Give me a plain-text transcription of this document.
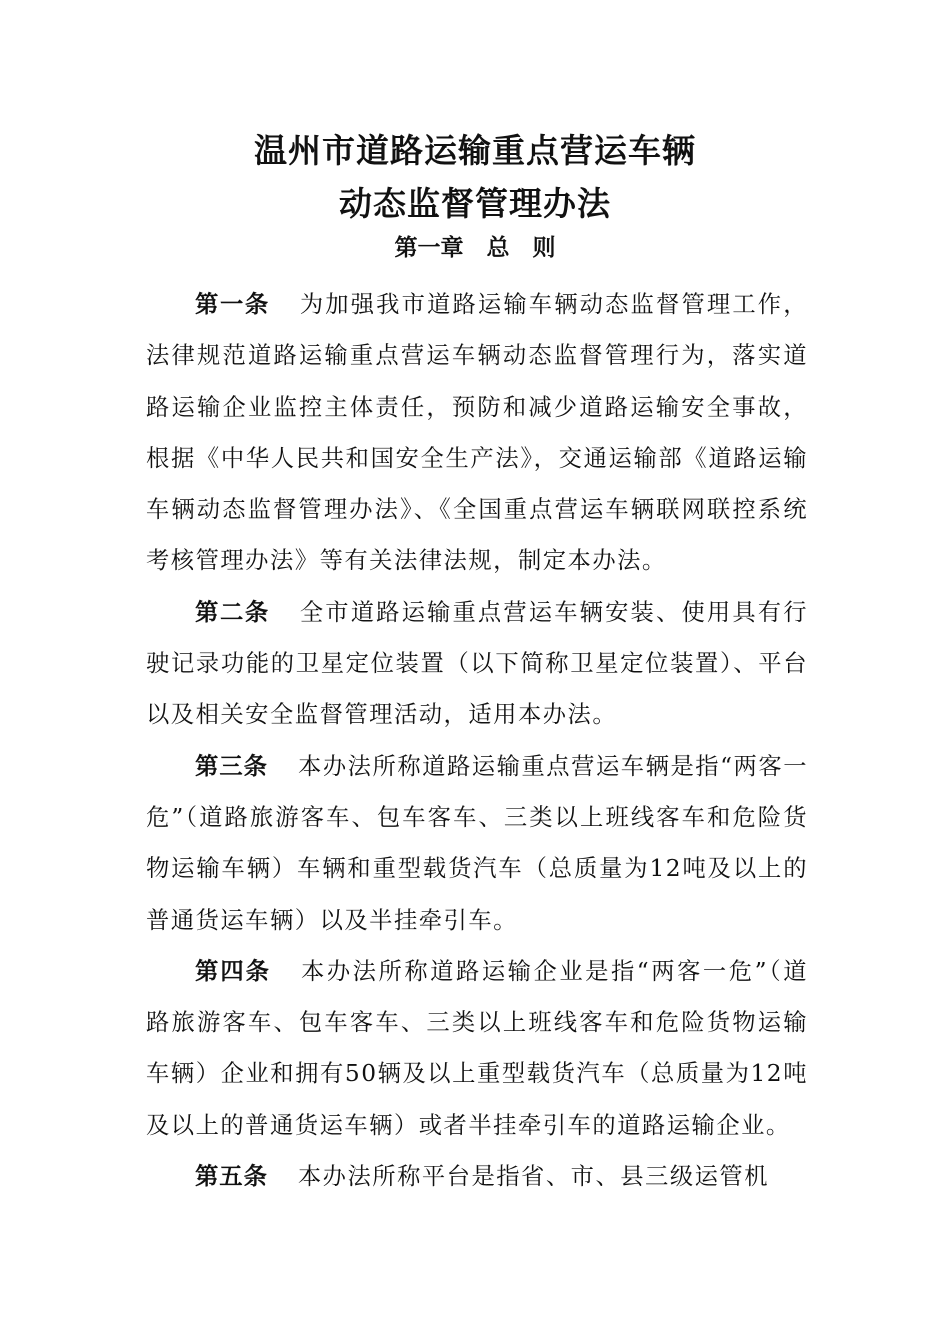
温州市道路运输重点营运车辆
动态监督管理办法
第一章　总　则

第一条 为加强我市道路运输车辆动态监督管理工作，法律规范道路运输重点营运车辆动态监督管理行为，落实道路运输企业监控主体责任，预防和减少道路运输安全事故，根据《中华人民共和国安全生产法》，交通运输部《道路运输车辆动态监督管理办法》、《全国重点营运车辆联网联控系统考核管理办法》等有关法律法规，制定本办法。

第二条 全市道路运输重点营运车辆安装、使用具有行驶记录功能的卫星定位装置（以下简称卫星定位装置）、平台以及相关安全监督管理活动，适用本办法。

第三条 本办法所称道路运输重点营运车辆是指“两客一危”（道路旅游客车、包车客车、三类以上班线客车和危险货物运输车辆）车辆和重型载货汽车（总质量为12吨及以上的普通货运车辆）以及半挂牵引车。

第四条 本办法所称道路运输企业是指“两客一危”（道路旅游客车、包车客车、三类以上班线客车和危险货物运输车辆）企业和拥有50辆及以上重型载货汽车（总质量为12吨及以上的普通货运车辆）或者半挂牵引车的道路运输企业。

第五条 本办法所称平台是指省、市、县三级运管机
